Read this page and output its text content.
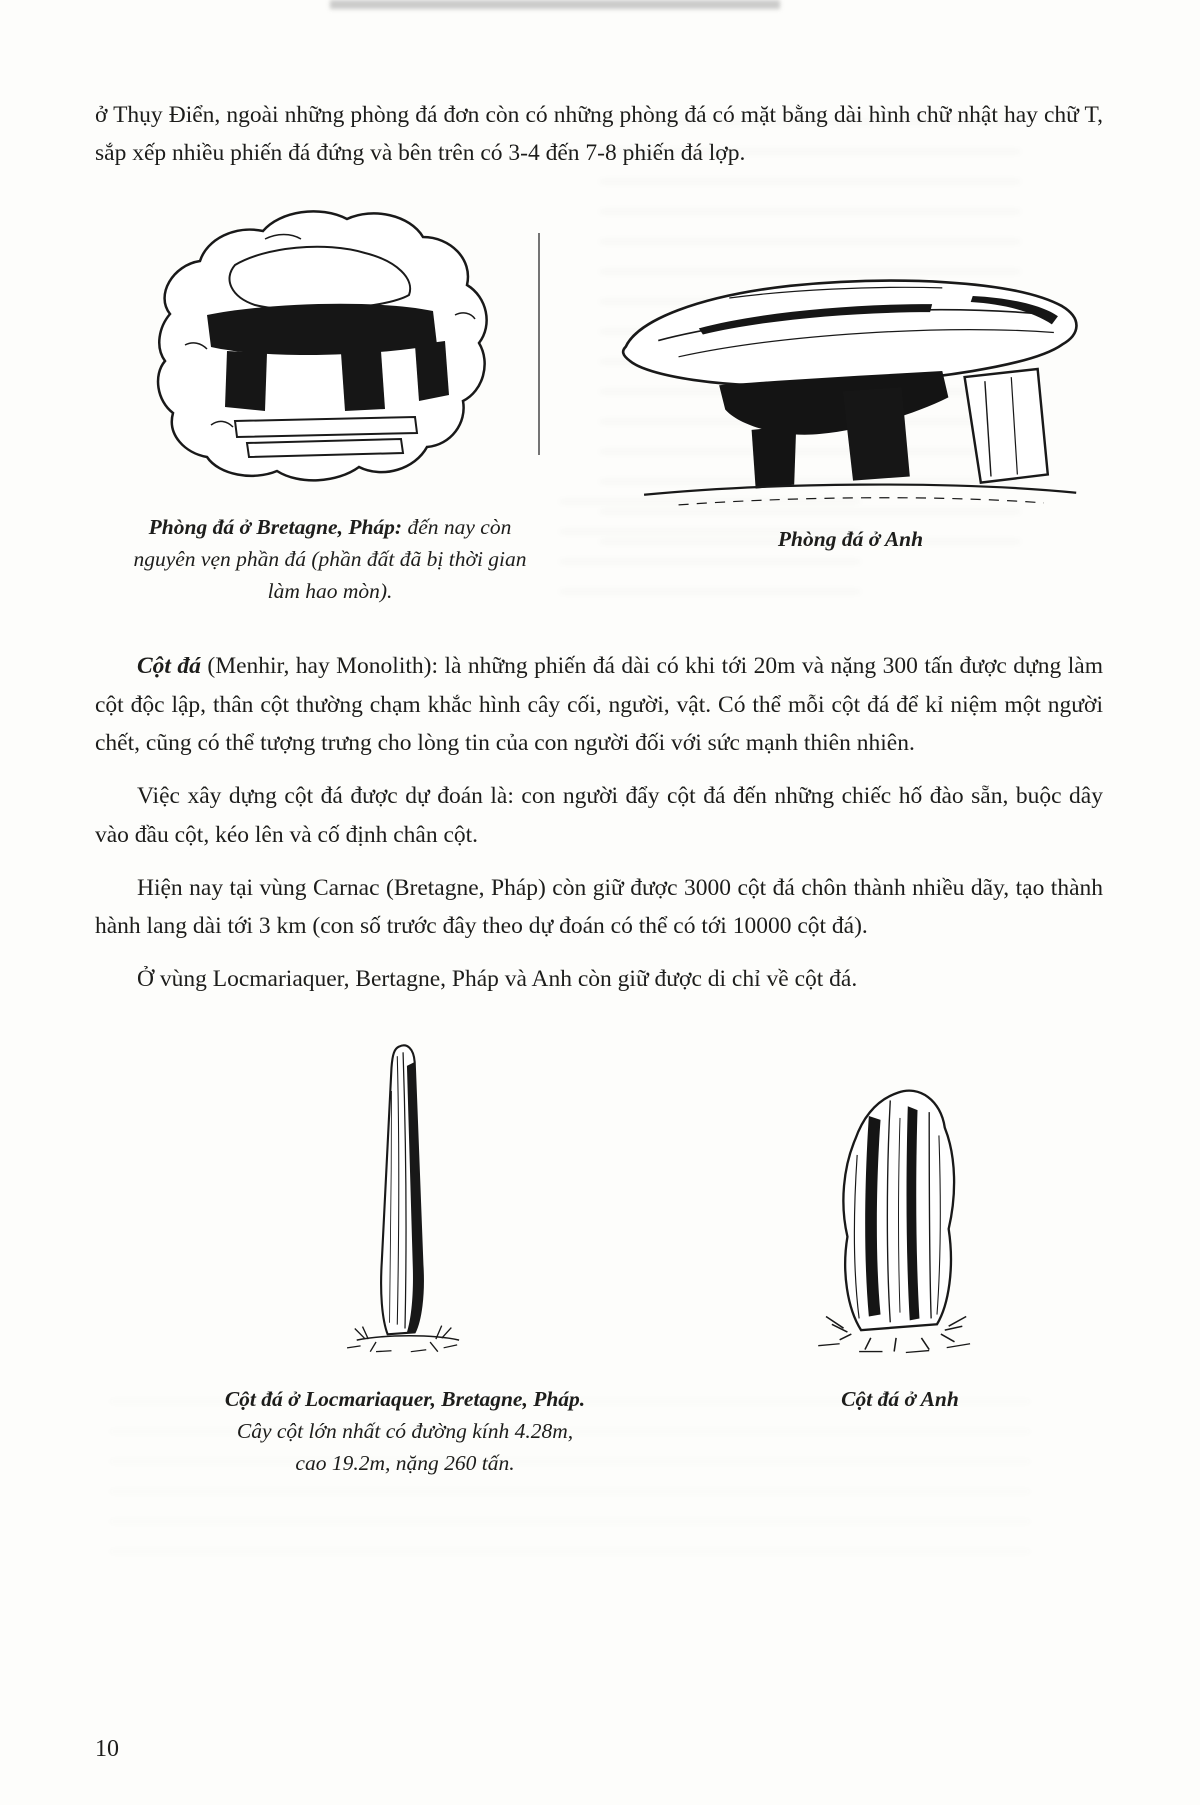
ở Thụy Điển, ngoài những phòng đá đơn còn có những phòng đá có mặt bằng dài hình chữ nhật hay chữ T, sắp xếp nhiều phiến đá đứng và bên trên có 3-4 đến 7-8 phiến đá lợp.

Phòng đá ở Bretagne, Pháp: đến nay còn nguyên vẹn phần đá (phần đất đã bị thời gian làm hao mòn).
Phòng đá ở Anh

Cột đá (Menhir, hay Monolith): là những phiến đá dài có khi tới 20m và nặng 300 tấn được dựng làm cột độc lập, thân cột thường chạm khắc hình cây cối, người, vật. Có thể mỗi cột đá để kỉ niệm một người chết, cũng có thể tượng trưng cho lòng tin của con người đối với sức mạnh thiên nhiên.

Việc xây dựng cột đá được dự đoán là: con người đẩy cột đá đến những chiếc hố đào sẵn, buộc dây vào đầu cột, kéo lên và cố định chân cột.

Hiện nay tại vùng Carnac (Bretagne, Pháp) còn giữ được 3000 cột đá chôn thành nhiều dãy, tạo thành hành lang dài tới 3 km (con số trước đây theo dự đoán có thể có tới 10000 cột đá).

Ở vùng Locmariaquer, Bertagne, Pháp và Anh còn giữ được di chỉ về cột đá.

Cột đá ở Locmariaquer, Bretagne, Pháp.
Cây cột lớn nhất có đường kính 4.28m,
cao 19.2m, nặng 260 tấn.
Cột đá ở Anh
10
